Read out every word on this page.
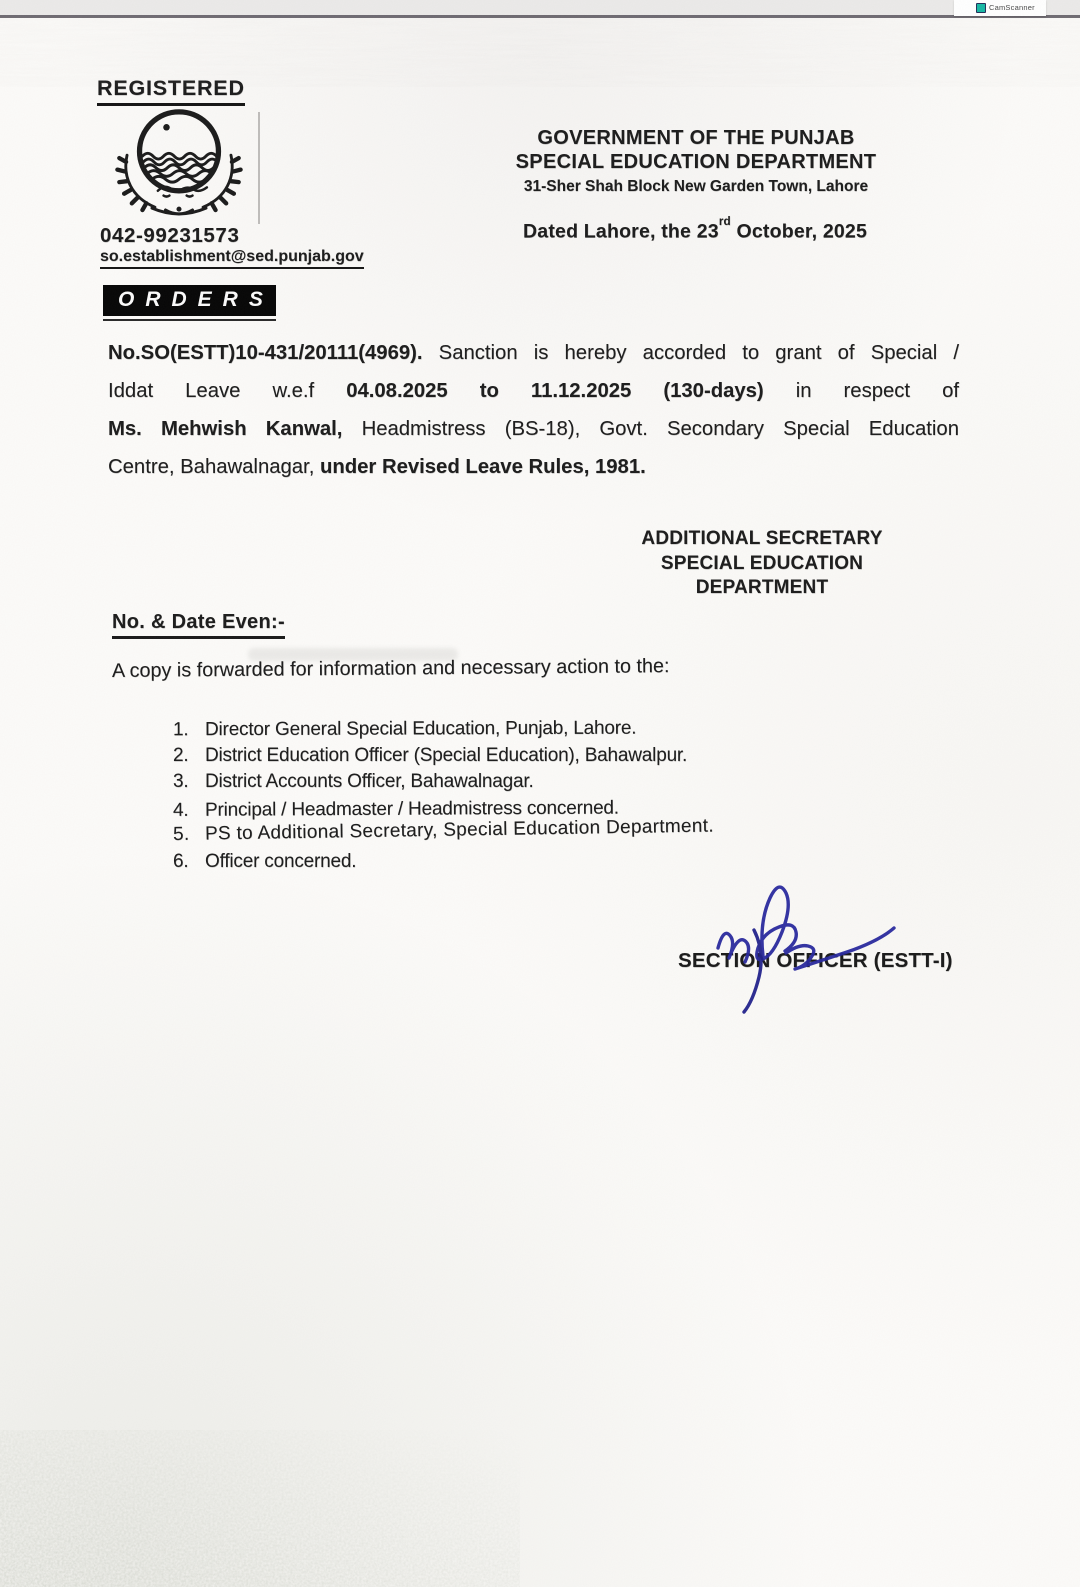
CamScanner
REGISTERED
042-99231573
so.establishment@sed.punjab.gov
GOVERNMENT OF THE PUNJAB
SPECIAL EDUCATION DEPARTMENT
31-Sher Shah Block New Garden Town, Lahore
Dated Lahore, the 23rd October, 2025
ORDERS
No.SO(ESTT)10-431/20111(4969). Sanction is hereby accorded to grant of Special /
Iddat Leave w.e.f 04.08.2025 to 11.12.2025 (130-days) in respect of
Ms. Mehwish Kanwal, Headmistress (BS-18), Govt. Secondary Special Education
Centre, Bahawalnagar, under Revised Leave Rules, 1981.
ADDITIONAL SECRETARY
SPECIAL EDUCATION
DEPARTMENT
No. & Date Even:-
A copy is forwarded for information and necessary action to the:
1. Director General Special Education, Punjab, Lahore.
2. District Education Officer (Special Education), Bahawalpur.
3. District Accounts Officer, Bahawalnagar.
4. Principal / Headmaster / Headmistress concerned.
5. PS to Additional Secretary, Special Education Department.
6. Officer concerned.
SECTION OFFICER (ESTT-I)
